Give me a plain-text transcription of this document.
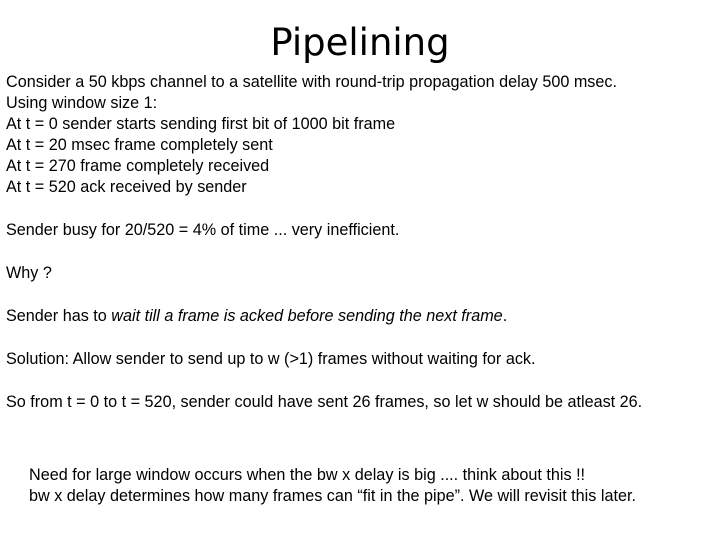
Pipelining
Consider a 50 kbps channel to a satellite with round-trip propagation delay 500 msec.
Using window size 1:
At t = 0 sender starts sending first bit of 1000 bit frame
At t = 20 msec frame completely sent
At t = 270 frame completely received
At t = 520 ack received by sender
Sender busy for 20/520 = 4% of time ... very inefficient.
Why ?
Sender has to wait till a frame is acked before sending the next frame.
Solution: Allow sender to send up to w (>1) frames without waiting for ack.
So from t = 0 to t = 520, sender could have sent 26 frames, so let w should be atleast 26.
Need for large window occurs when the bw x delay is big .... think about this !!
bw x delay determines how many frames can “fit in the pipe”. We will revisit this later.
